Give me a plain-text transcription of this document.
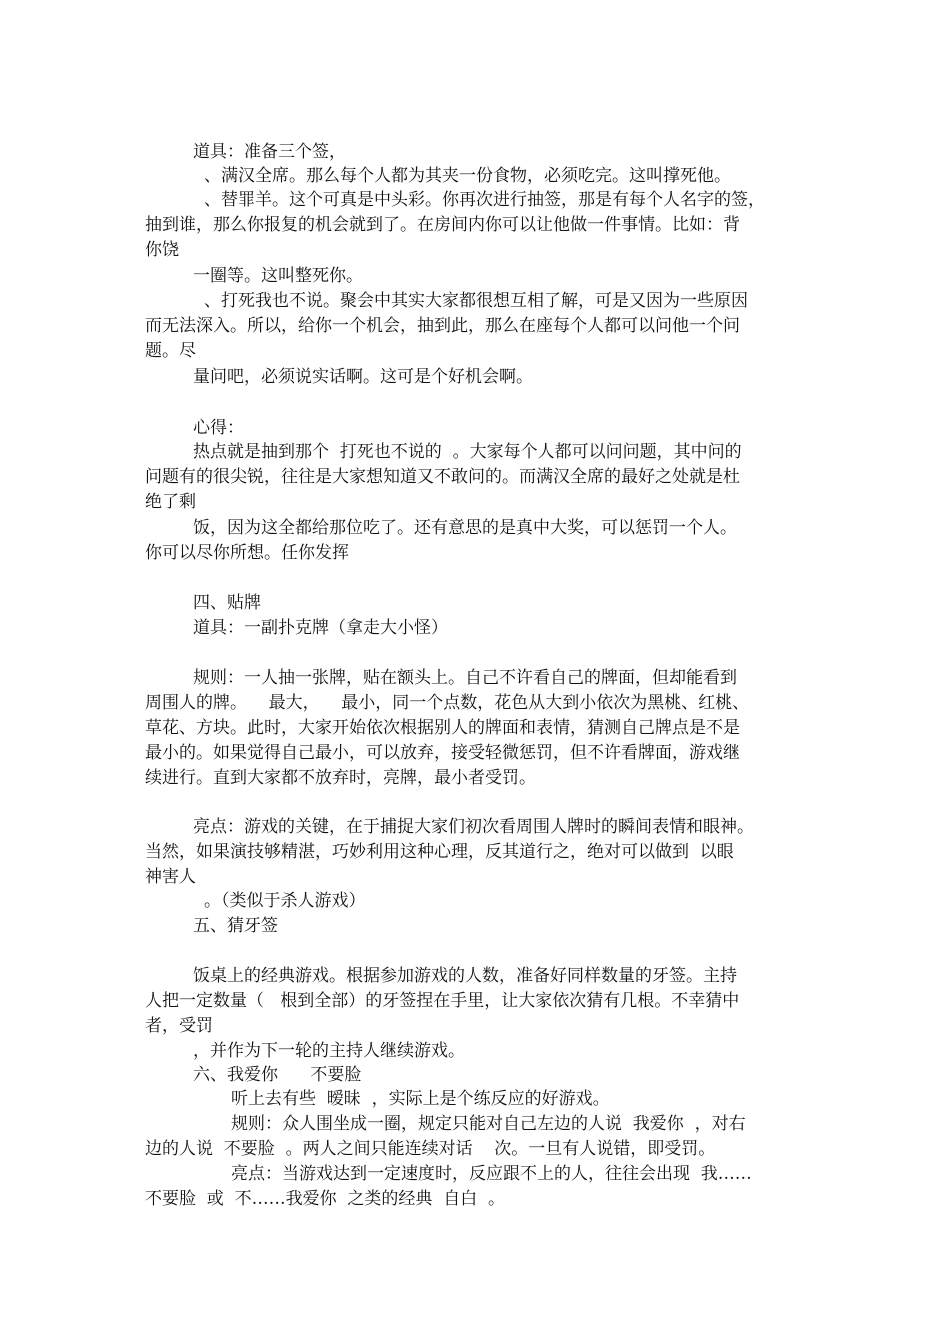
道具：准备三个签，
、满汉全席。那么每个人都为其夹一份食物，必须吃完。这叫撑死他。
、替罪羊。这个可真是中头彩。你再次进行抽签，那是有每个人名字的签，
抽到谁，那么你报复的机会就到了。在房间内你可以让他做一件事情。比如：背
你饶
一圈等。这叫整死你。
、打死我也不说。聚会中其实大家都很想互相了解，可是又因为一些原因
而无法深入。所以，给你一个机会，抽到此，那么在座每个人都可以问他一个问
题。尽
量问吧，必须说实话啊。这可是个好机会啊。
心得：
热点就是抽到那个  打死也不说的  。大家每个人都可以问问题，其中问的
问题有的很尖锐，往往是大家想知道又不敢问的。而满汉全席的最好之处就是杜
绝了剩
饭，因为这全都给那位吃了。还有意思的是真中大奖，可以惩罚一个人。
你可以尽你所想。任你发挥
四、贴牌
道具：一副扑克牌（拿走大小怪）
规则：一人抽一张牌，贴在额头上。自己不许看自己的牌面，但却能看到
周围人的牌。    最大，    最小，同一个点数，花色从大到小依次为黑桃、红桃、
草花、方块。此时，大家开始依次根据别人的牌面和表情，猜测自己牌点是不是
最小的。如果觉得自己最小，可以放弃，接受轻微惩罚，但不许看牌面，游戏继
续进行。直到大家都不放弃时，亮牌，最小者受罚。
亮点：游戏的关键，在于捕捉大家们初次看周围人牌时的瞬间表情和眼神。
当然，如果演技够精湛，巧妙利用这种心理，反其道行之，绝对可以做到  以眼
神害人
。（类似于杀人游戏）
五、猜牙签
饭桌上的经典游戏。根据参加游戏的人数，准备好同样数量的牙签。主持
人把一定数量（   根到全部）的牙签捏在手里，让大家依次猜有几根。不幸猜中
者，受罚
，并作为下一轮的主持人继续游戏。
六、我爱你      不要脸
听上去有些  暧昧  ，实际上是个练反应的好游戏。
规则：众人围坐成一圈，规定只能对自己左边的人说  我爱你  ，对右
边的人说  不要脸  。两人之间只能连续对话    次。一旦有人说错，即受罚。
亮点：当游戏达到一定速度时，反应跟不上的人，往往会出现  我……
不要脸  或  不……我爱你  之类的经典  自白  。
